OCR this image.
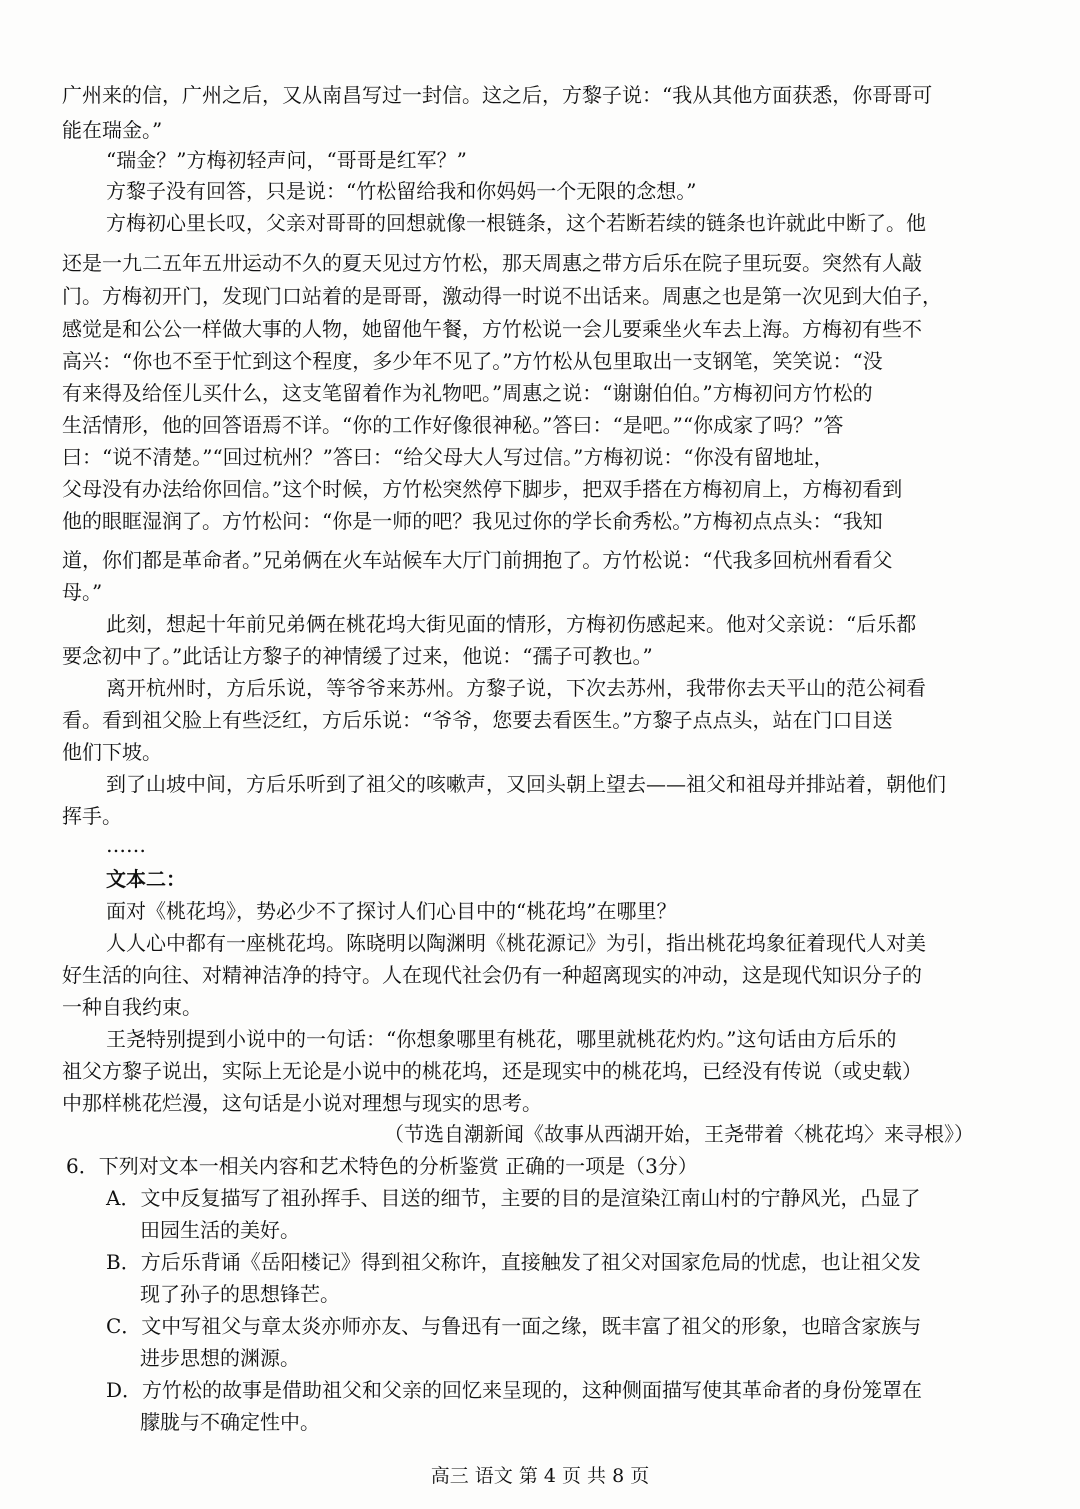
广州来的信，广州之后，又从南昌写过一封信。这之后，方黎子说：“我从其他方面获悉，你哥哥可

能在瑞金。”

“瑞金？”方梅初轻声问，“哥哥是红军？”

方黎子没有回答，只是说：“竹松留给我和你妈妈一个无限的念想。”

方梅初心里长叹，父亲对哥哥的回想就像一根链条，这个若断若续的链条也许就此中断了。他

还是一九二五年五卅运动不久的夏天见过方竹松，那天周惠之带方后乐在院子里玩耍。突然有人敲

门。方梅初开门，发现门口站着的是哥哥，激动得一时说不出话来。周惠之也是第一次见到大伯子，

感觉是和公公一样做大事的人物，她留他午餐，方竹松说一会儿要乘坐火车去上海。方梅初有些不

高兴：“你也不至于忙到这个程度，多少年不见了。”方竹松从包里取出一支钢笔，笑笑说：“没

有来得及给侄儿买什么，这支笔留着作为礼物吧。”周惠之说：“谢谢伯伯。”方梅初问方竹松的

生活情形，他的回答语焉不详。“你的工作好像很神秘。”答曰：“是吧。”“你成家了吗？”答

曰：“说不清楚。”“回过杭州？”答曰：“给父母大人写过信。”方梅初说：“你没有留地址，

父母没有办法给你回信。”这个时候，方竹松突然停下脚步，把双手搭在方梅初肩上，方梅初看到

他的眼眶湿润了。方竹松问：“你是一师的吧？我见过你的学长俞秀松。”方梅初点点头：“我知

道，你们都是革命者。”兄弟俩在火车站候车大厅门前拥抱了。方竹松说：“代我多回杭州看看父

母。”

此刻，想起十年前兄弟俩在桃花坞大街见面的情形，方梅初伤感起来。他对父亲说：“后乐都

要念初中了。”此话让方黎子的神情缓了过来，他说：“孺子可教也。”

离开杭州时，方后乐说，等爷爷来苏州。方黎子说，下次去苏州，我带你去天平山的范公祠看

看。看到祖父脸上有些泛红，方后乐说：“爷爷，您要去看医生。”方黎子点点头，站在门口目送

他们下坡。

到了山坡中间，方后乐听到了祖父的咳嗽声，又回头朝上望去——祖父和祖母并排站着，朝他们

挥手。

……

文本二：

面对《桃花坞》，势必少不了探讨人们心目中的“桃花坞”在哪里？

人人心中都有一座桃花坞。陈晓明以陶渊明《桃花源记》为引，指出桃花坞象征着现代人对美

好生活的向往、对精神洁净的持守。人在现代社会仍有一种超离现实的冲动，这是现代知识分子的

一种自我约束。

王尧特别提到小说中的一句话：“你想象哪里有桃花，哪里就桃花灼灼。”这句话由方后乐的

祖父方黎子说出，实际上无论是小说中的桃花坞，还是现实中的桃花坞，已经没有传说（或史载）

中那样桃花烂漫，这句话是小说对理想与现实的思考。

（节选自潮新闻《故事从西湖开始，王尧带着〈桃花坞〉来寻根》）

6．下列对文本一相关内容和艺术特色的分析鉴赏 正确的一项是（3分）

A．文中反复描写了祖孙挥手、目送的细节，主要的目的是渲染江南山村的宁静风光，凸显了

田园生活的美好。

B．方后乐背诵《岳阳楼记》得到祖父称许，直接触发了祖父对国家危局的忧虑，也让祖父发

现了孙子的思想锋芒。

C．文中写祖父与章太炎亦师亦友、与鲁迅有一面之缘，既丰富了祖父的形象，也暗含家族与

进步思想的渊源。

D．方竹松的故事是借助祖父和父亲的回忆来呈现的，这种侧面描写使其革命者的身份笼罩在

朦胧与不确定性中。

高三 语文 第 4 页 共 8 页
